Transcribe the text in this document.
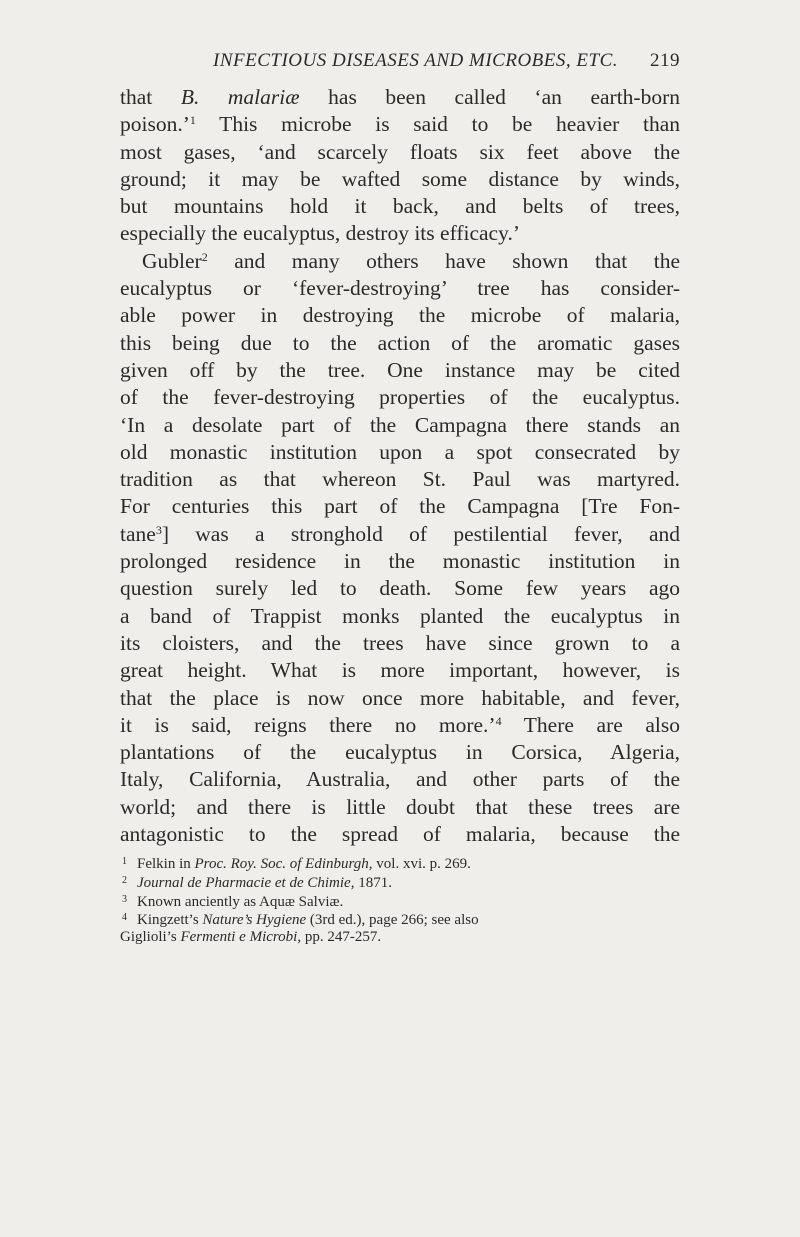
INFECTIOUS DISEASES AND MICROBES, ETC.	219

that B. malariæ has been called ‘an earth-born
poison.’$^1$ This microbe is said to be heavier than
most gases, ‘and scarcely floats six feet above the
ground; it may be wafted some distance by winds,
but mountains hold it back, and belts of trees,
especially the eucalyptus, destroy its efficacy.’

Gubler$^2$ and many others have shown that the
eucalyptus or ‘fever-destroying’ tree has consider-
able power in destroying the microbe of malaria,
this being due to the action of the aromatic gases
given off by the tree. One instance may be cited
of the fever-destroying properties of the eucalyptus.
‘In a desolate part of the Campagna there stands an
old monastic institution upon a spot consecrated by
tradition as that whereon St. Paul was martyred.
For centuries this part of the Campagna [Tre Fon-
tane$^3$] was a stronghold of pestilential fever, and
prolonged residence in the monastic institution in
question surely led to death. Some few years ago
a band of Trappist monks planted the eucalyptus in
its cloisters, and the trees have since grown to a
great height. What is more important, however, is
that the place is now once more habitable, and fever,
it is said, reigns there no more.’$^4$ There are also
plantations of the eucalyptus in Corsica, Algeria,
Italy, California, Australia, and other parts of the
world; and there is little doubt that these trees are
antagonistic to the spread of malaria, because the

1 Felkin in Proc. Roy. Soc. of Edinburgh, vol. xvi. p. 269.
2 Journal de Pharmacie et de Chimie, 1871.
3 Known anciently as Aquæ Salviæ.
4 Kingzett’s Nature’s Hygiene (3rd ed.), page 266; see also
Giglioli’s Fermenti e Microbi, pp. 247-257.
